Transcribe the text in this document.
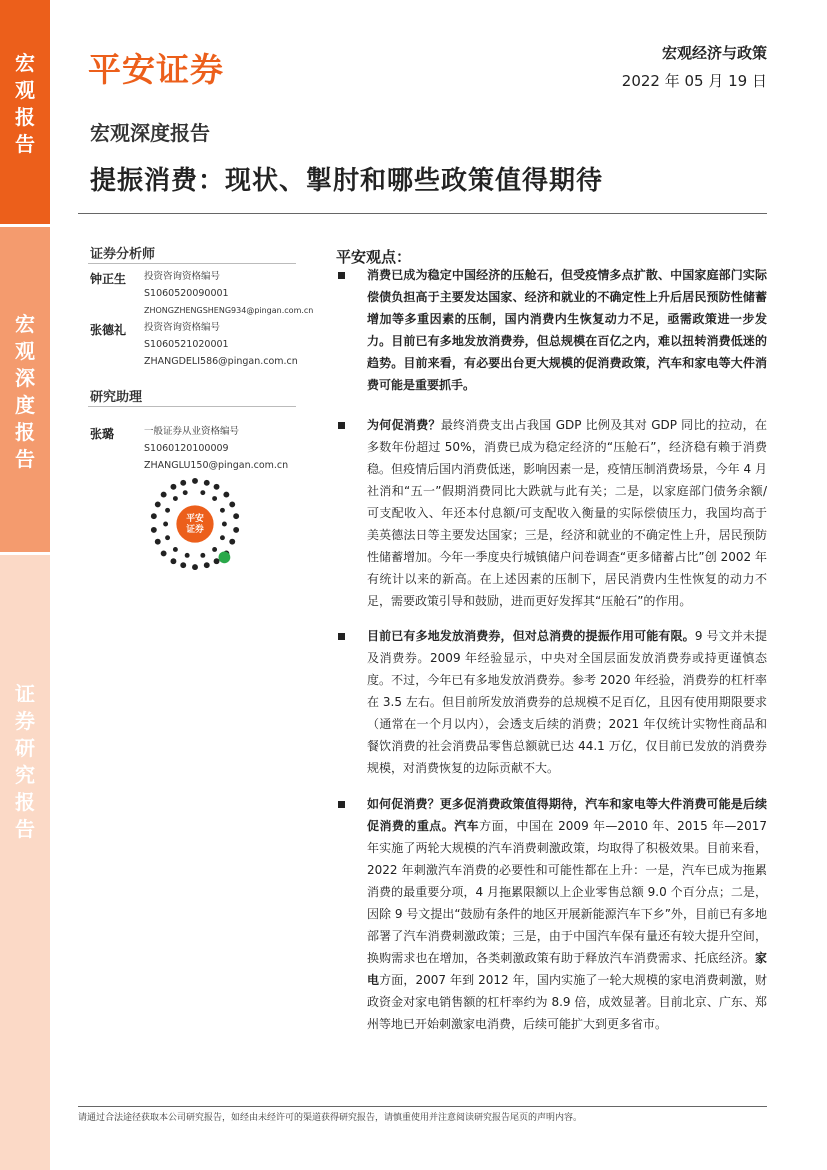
宏
观
报
告
宏
观
深
度
报
告
证
券
研
究
报
告
平安证券	宏观经济与政策
2022 年 05 月 19 日
宏观深度报告
提振消费：现状、掣肘和哪些政策值得期待
证券分析师
钟正生 投资咨询资格编号
S1060520090001
ZHONGZHENGSHENG934@pingan.com.cn
张德礼 投资咨询资格编号
S1060521020001
ZHANGDELI586@pingan.com.cn
研究助理
张璐	一般证券从业资格编号
S1060120100009
ZHANGLU150@pingan.com.cn
平安
证券
平安观点：
消费已成为稳定中国经济的压舱石，但受疫情多点扩散、中国家庭部门实际偿债负担高于主要发达国家、经济和就业的不确定性上升后居民预防性储蓄增加等多重因素的压制，国内消费内生恢复动力不足，亟需政策进一步发力。目前已有多地发放消费券，但总规模在百亿之内，难以扭转消费低迷的趋势。目前来看，有必要出台更大规模的促消费政策，汽车和家电等大件消费可能是重要抓手。
为何促消费？最终消费支出占我国 GDP 比例及其对 GDP 同比的拉动，在多数年份超过 50%，消费已成为稳定经济的“压舱石”，经济稳有赖于消费稳。但疫情后国内消费低迷，影响因素一是，疫情压制消费场景，今年 4 月社消和“五一”假期消费同比大跌就与此有关；二是，以家庭部门债务余额/可支配收入、年还本付息额/可支配收入衡量的实际偿债压力，我国均高于美英德法日等主要发达国家；三是，经济和就业的不确定性上升，居民预防性储蓄增加。今年一季度央行城镇储户问卷调查“更多储蓄占比”创 2002 年有统计以来的新高。在上述因素的压制下，居民消费内生性恢复的动力不足，需要政策引导和鼓励，进而更好发挥其“压舱石”的作用。
目前已有多地发放消费券，但对总消费的提振作用可能有限。9 号文并未提及消费券。2009 年经验显示，中央对全国层面发放消费券或持更谨慎态度。不过，今年已有多地发放消费券。参考 2020 年经验，消费券的杠杆率在 3.5 左右。但目前所发放消费券的总规模不足百亿，且因有使用期限要求（通常在一个月以内），会透支后续的消费；2021 年仅统计实物性商品和餐饮消费的社会消费品零售总额就已达 44.1 万亿，仅目前已发放的消费券规模，对消费恢复的边际贡献不大。
如何促消费？更多促消费政策值得期待，汽车和家电等大件消费可能是后续促消费的重点。汽车方面，中国在 2009 年—2010 年、2015 年—2017 年实施了两轮大规模的汽车消费刺激政策，均取得了积极效果。目前来看，2022 年刺激汽车消费的必要性和可能性都在上升：一是，汽车已成为拖累消费的最重要分项，4 月拖累限额以上企业零售总额 9.0 个百分点；二是，因除 9 号文提出“鼓励有条件的地区开展新能源汽车下乡”外，目前已有多地部署了汽车消费刺激政策；三是，由于中国汽车保有量还有较大提升空间，换购需求也在增加，各类刺激政策有助于释放汽车消费需求、托底经济。家电方面，2007 年到 2012 年，国内实施了一轮大规模的家电消费刺激，财政资金对家电销售额的杠杆率约为 8.9 倍，成效显著。目前北京、广东、郑州等地已开始刺激家电消费，后续可能扩大到更多省市。
请通过合法途径获取本公司研究报告，如经由未经许可的渠道获得研究报告，请慎重使用并注意阅读研究报告尾页的声明内容。
